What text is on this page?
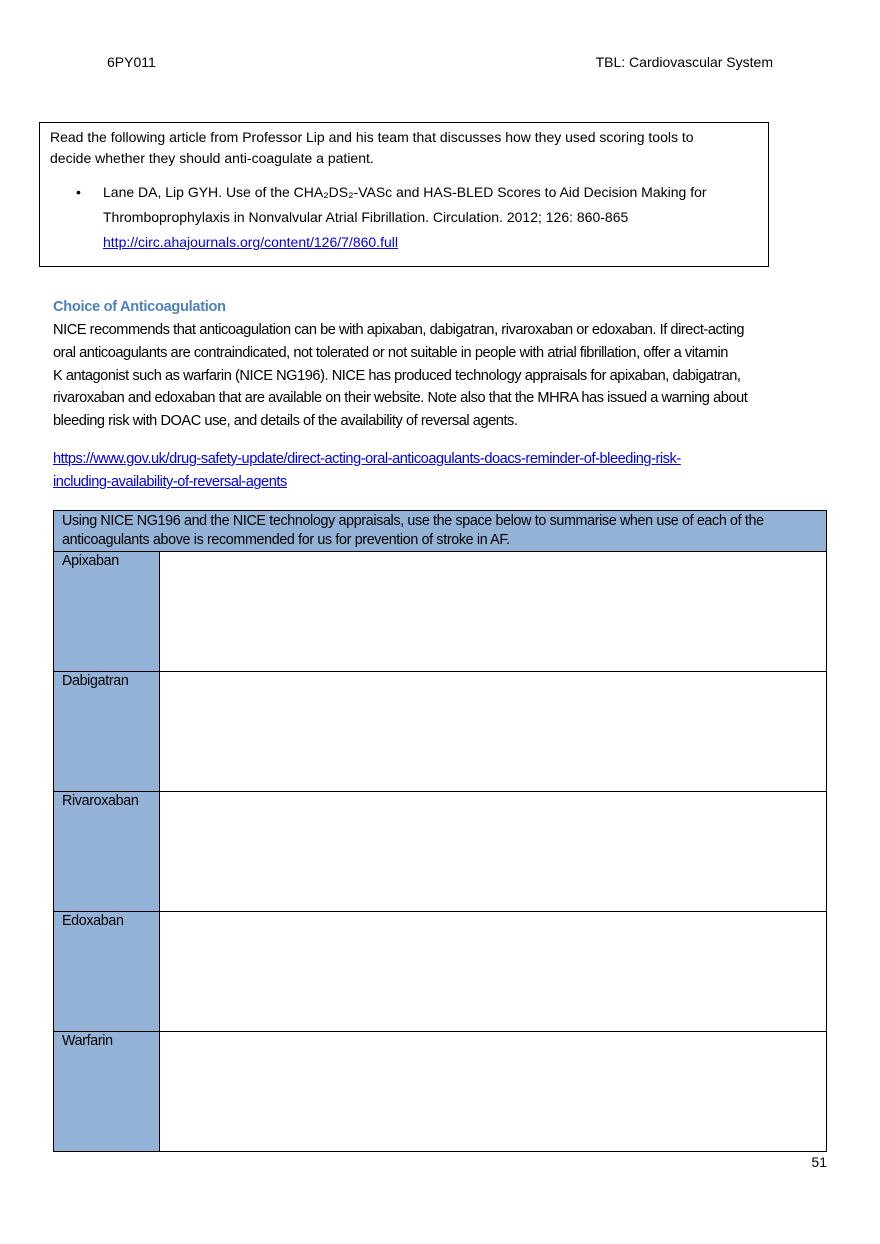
6PY011	TBL: Cardiovascular System
Read the following article from Professor Lip and his team that discusses how they used scoring tools to
decide whether they should anti-coagulate a patient.
• Lane DA, Lip GYH. Use of the CHA₂DS₂-VASc and HAS-BLED Scores to Aid Decision Making for
Thromboprophylaxis in Nonvalvular Atrial Fibrillation. Circulation. 2012; 126: 860-865
http://circ.ahajournals.org/content/126/7/860.full
Choice of Anticoagulation
NICE recommends that anticoagulation can be with apixaban, dabigatran, rivaroxaban or edoxaban. If direct-acting
oral anticoagulants are contraindicated, not tolerated or not suitable in people with atrial fibrillation, offer a vitamin
K antagonist such as warfarin (NICE NG196). NICE has produced technology appraisals for apixaban, dabigatran,
rivaroxaban and edoxaban that are available on their website. Note also that the MHRA has issued a warning about
bleeding risk with DOAC use, and details of the availability of reversal agents.
https://www.gov.uk/drug-safety-update/direct-acting-oral-anticoagulants-doacs-reminder-of-bleeding-risk-
including-availability-of-reversal-agents
Using NICE NG196 and the NICE technology appraisals, use the space below to summarise when use of each of the anticoagulants above is recommended for us for prevention of stroke in AF.	
Apixaban	
Dabigatran	
Rivaroxaban	
Edoxaban	
Warfarin	
51
